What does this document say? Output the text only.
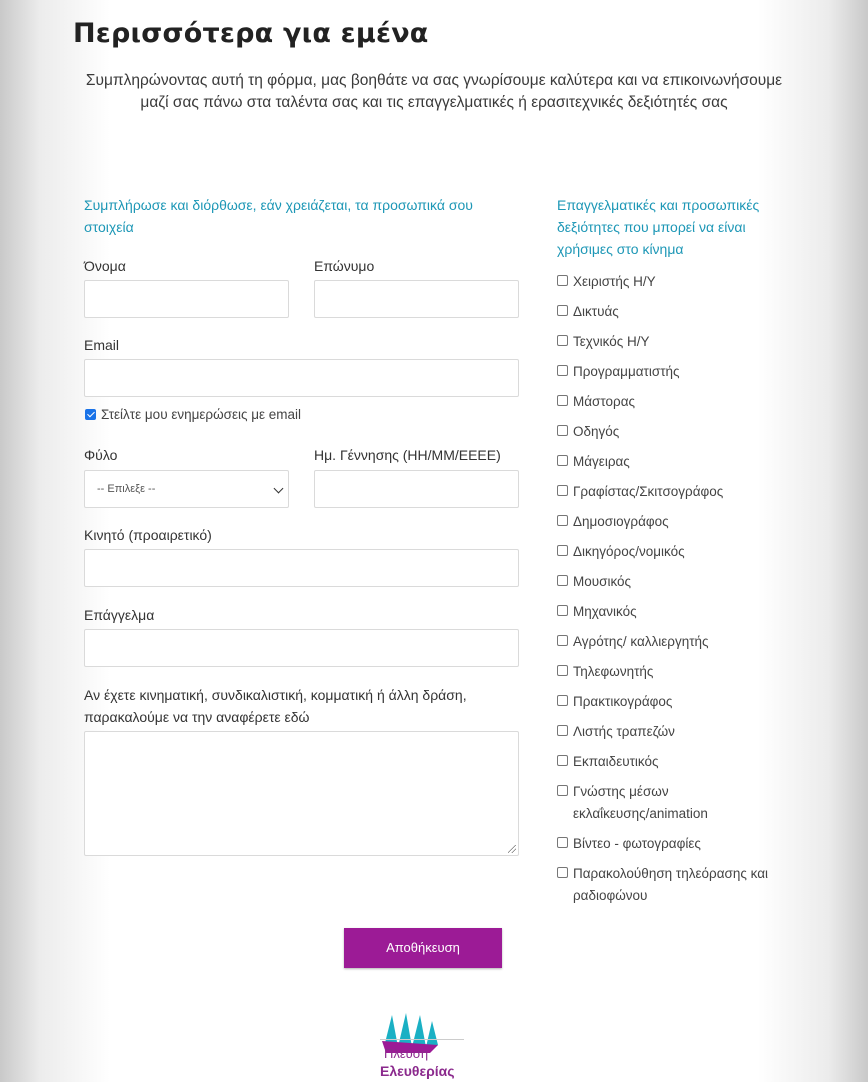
Περισσότερα για εμένα

Συμπληρώνοντας αυτή τη φόρμα, μας βοηθάτε να σας γνωρίσουμε καλύτερα και να επικοινωνήσουμε μαζί σας πάνω στα ταλέντα σας και τις επαγγελματικές ή ερασιτεχνικές δεξιότητές σας

Συμπλήρωσε και διόρθωσε, εάν χρειάζεται, τα προσωπικά σου στοιχεία
Όνομα	Επώνυμο
Email
Στείλτε μου ενημερώσεις με email
Φύλο
-- Επιλεξε --
Ημ. Γέννησης (ΗΗ/ΜΜ/ΕΕΕΕ)
Κινητό (προαιρετικό)
Επάγγελμα
Αν έχετε κινηματική, συνδικαλιστική, κομματική ή άλλη δράση, παρακαλούμε να την αναφέρετε εδώ
Επαγγελματικές και προσωπικές δεξιότητες που μπορεί να είναι χρήσιμες στο κίνημα
Χειριστής Η/Υ
Δικτυάς
Τεχνικός Η/Υ
Προγραμματιστής
Μάστορας
Οδηγός
Μάγειρας
Γραφίστας/Σκιτσογράφος
Δημοσιογράφος
Δικηγόρος/νομικός
Μουσικός
Μηχανικός
Αγρότης/ καλλιεργητής
Τηλεφωνητής
Πρακτικογράφος
Λιστής τραπεζών
Εκπαιδευτικός
Γνώστης μέσων εκλαΐκευσης/animation
Βίντεο - φωτογραφίες
Παρακολούθηση τηλεόρασης και ραδιοφώνου
Αποθήκευση
Πλεύση
Ελευθερίας
